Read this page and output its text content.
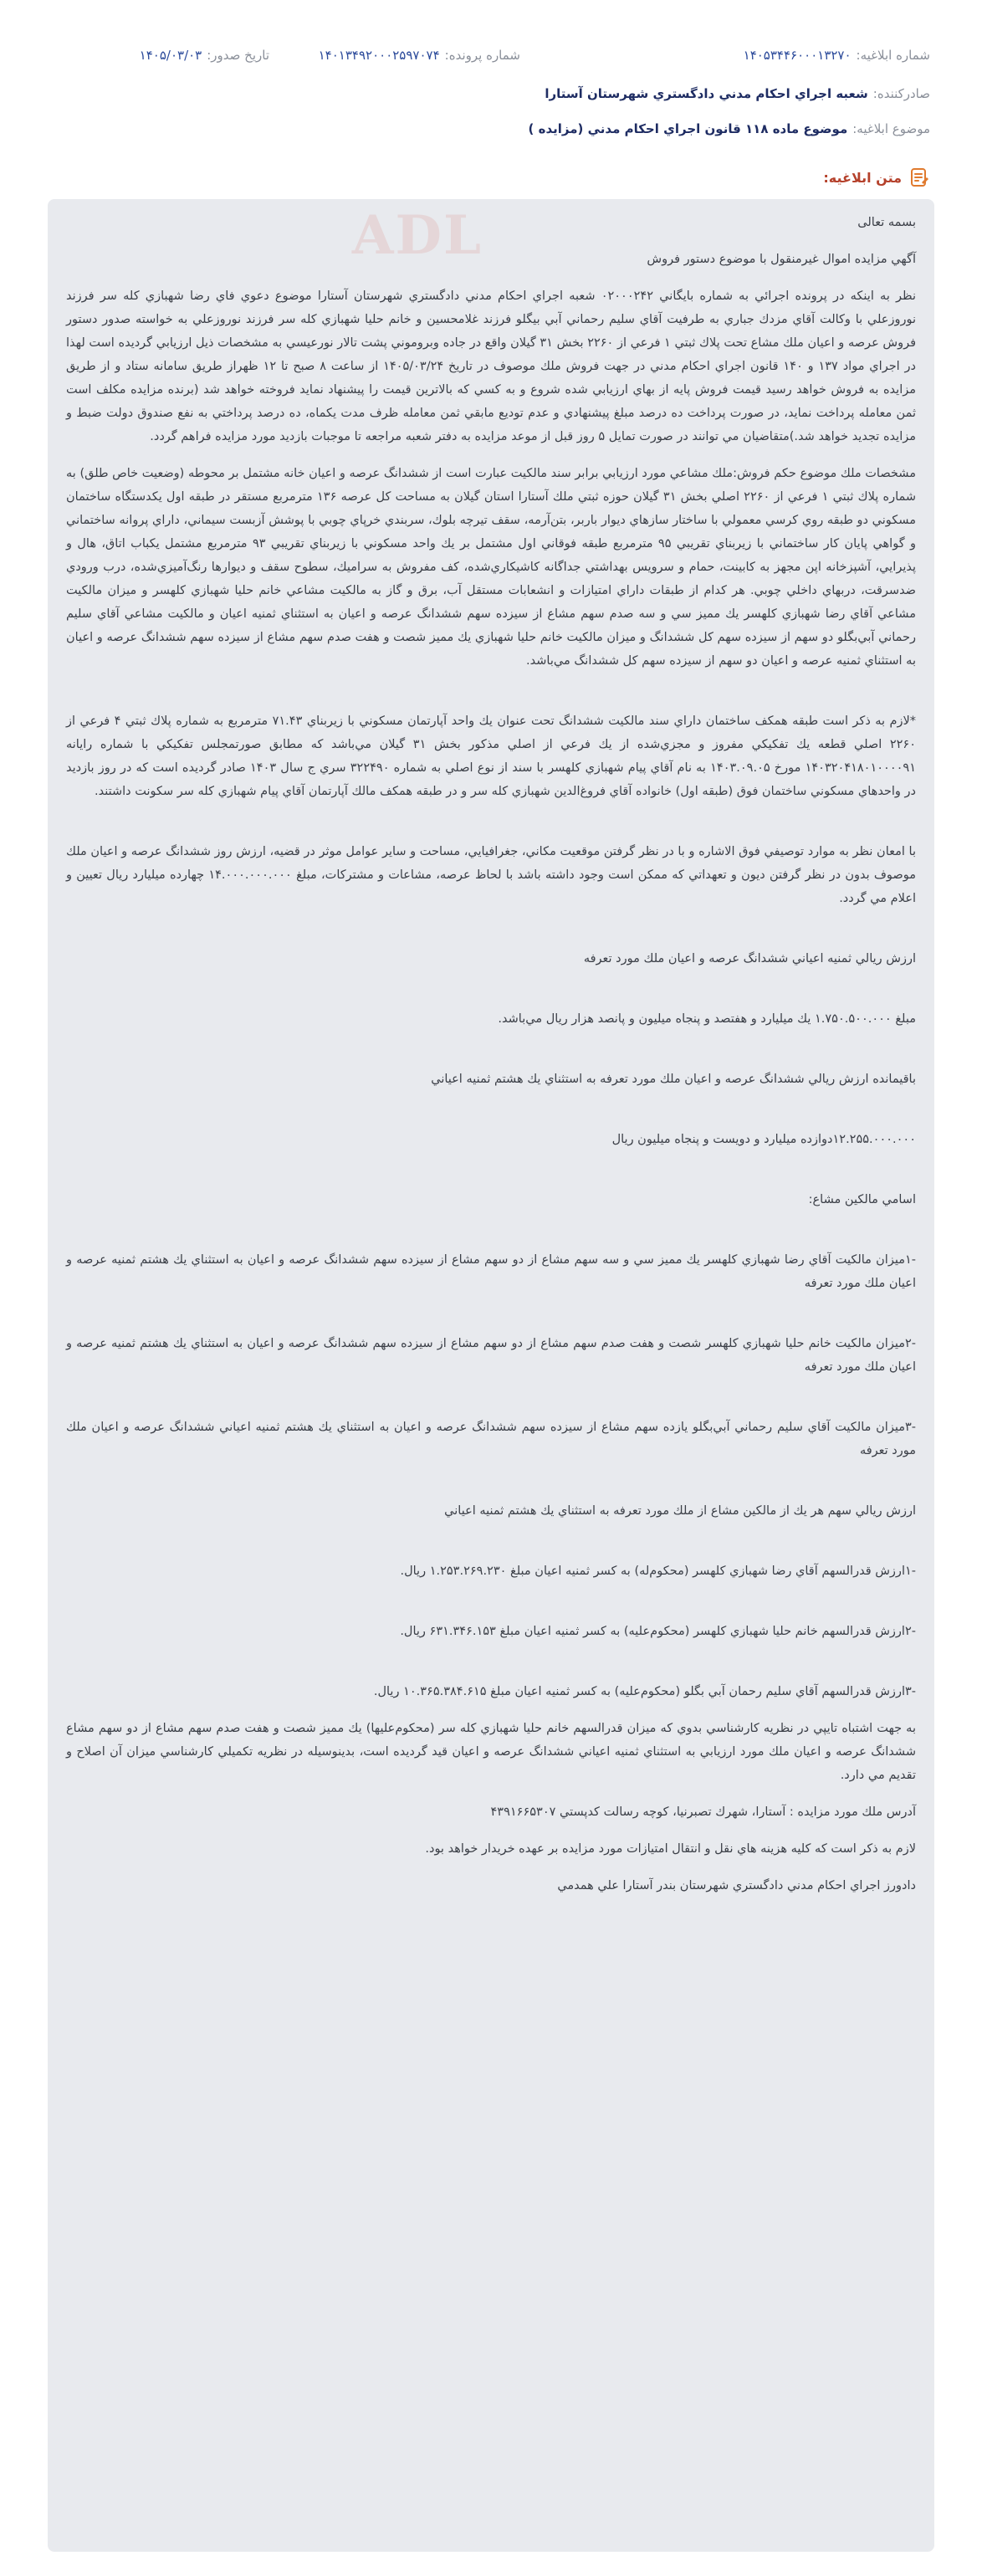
شماره ابلاغیه:
۱۴۰۵۳۴۴۶۰۰۰۱۳۲۷۰
شماره پرونده:
۱۴۰۱۳۴۹۲۰۰۰۲۵۹۷۰۷۴
تاریخ صدور:
۱۴۰۵/۰۳/۰۳
صادرکننده:
شعبه اجراي احكام مدني دادگستري شهرستان آستارا
موضوع ابلاغیه:
موضوع ماده ۱۱۸ قانون اجراي احكام مدني (مزايده )
متن ابلاغیه:
ADL	بسمه تعالی

آگهي مزايده اموال غيرمنقول با موضوع دستور فروش

نظر به اينكه در پرونده اجرائي به شماره بايگاني ۰۲۰۰۰۲۴۲ شعبه اجراي احكام مدني دادگستري شهرستان آستارا موضوع دعوي فاي رضا شهبازي كله سر فرزند نوروزعلي با وكالت آقاي مزدك جباري به طرفيت آقاي سليم رحماني آبي بيگلو فرزند غلامحسين و خانم حليا شهبازي كله سر فرزند نوروزعلي به خواسته صدور دستور فروش عرصه و اعيان ملك مشاع تحت پلاك ثبتي ۱ فرعي از ۲۲۶۰ بخش ۳۱ گيلان واقع در جاده وبروموني پشت تالار نورعيسي به مشخصات ذيل ارزيابي گرديده است لهذا در اجراي مواد ۱۳۷ و ۱۴۰ قانون اجراي احكام مدني در جهت فروش ملك موصوف در تاريخ ۱۴۰۵/۰۳/۲۴ از ساعت ۸ صبح تا ۱۲ ظهراز طريق سامانه ستاد و از طريق مزايده به فروش خواهد رسيد قيمت فروش پايه از بهاي ارزيابي شده شروع و به كسي كه بالاترين قيمت را پيشنهاد نمايد فروخته خواهد شد (برنده مزايده مكلف است ثمن معامله پرداخت نمايد، در صورت پرداخت ده درصد مبلغ پيشنهادي و عدم توديع مابقي ثمن معامله ظرف مدت يكماه، ده درصد پرداختي به نفع صندوق دولت ضبط و مزايده تجديد خواهد شد.)متقاضيان مي توانند در صورت تمايل ۵ روز قبل از موعد مزايده به دفتر شعبه مراجعه تا موجبات بازديد مورد مزايده فراهم گردد.

مشخصات ملك موضوع حكم فروش:ملك مشاعي مورد ارزيابي برابر سند مالكيت عبارت است از ششدانگ عرصه و اعيان خانه مشتمل بر محوطه (وضعيت خاص طلق) به شماره پلاك ثبتي ۱ فرعي از ۲۲۶۰ اصلي بخش ۳۱ گيلان حوزه ثبتي ملك آستارا استان گيلان به مساحت كل عرصه ۱۳۶ مترمربع مستقر در طبقه اول يكدستگاه ساختمان مسكوني دو طبقه روي كرسي معمولي با ساختار سازهاي ديوار باربر، بتن‌آرمه، سقف تيرچه بلوك، سربندي خرپاي چوبي با پوشش آزبست سيماني، داراي پروانه ساختماني و گواهي پايان كار ساختماني با زيربناي تقريبي ۹۵ مترمربع طبقه فوقاني اول مشتمل بر يك واحد مسكوني با زيربناي تقريبي ۹۳ مترمربع مشتمل يكباب اتاق، هال و پذيرايي، آشپزخانه اپن مجهز به كابينت، حمام و سرويس بهداشتي جداگانه كاشيكاري‌شده، كف مفروش به سراميك، سطوح سقف و ديوارها رنگ‌آميزي‌شده، درب ورودي ضدسرقت، دربهاي داخلي چوبي. هر كدام از طبقات داراي امتيازات و انشعابات مستقل آب، برق و گاز به مالكيت مشاعي خانم حليا شهبازي كلهسر و ميزان مالكيت مشاعي آقاي رضا شهبازي كلهسر يك مميز سي و سه صدم سهم مشاع از سيزده سهم ششدانگ عرصه و اعيان به استثناي ثمنيه اعيان و مالكيت مشاعي آقاي سليم رحماني آبي‌بگلو دو سهم از سيزده سهم كل ششدانگ و ميزان مالكيت خانم حليا شهبازي يك مميز شصت و هفت صدم سهم مشاع از سيزده سهم ششدانگ عرصه و اعيان به استثناي ثمنيه عرصه و اعيان دو سهم از سيزده سهم كل ششدانگ مي‌باشد.

*لازم به ذكر است طبقه همكف ساختمان داراي سند مالكيت ششدانگ تحت عنوان يك واحد آپارتمان مسكوني با زيربناي ۷۱.۴۳ مترمربع به شماره پلاك ثبتي ۴ فرعي از ۲۲۶۰ اصلي قطعه يك تفكيكي مفروز و مجزي‌شده از يك فرعي از اصلي مذكور بخش ۳۱ گيلان مي‌باشد كه مطابق صورتمجلس تفكيكي با شماره رايانه ۱۴۰۳۲۰۴۱۸۰۱۰۰۰۰۹۱ مورخ ۱۴۰۳.۰۹.۰۵ به نام آقاي پيام شهبازي كلهسر با سند از نوع اصلي به شماره ۳۲۲۴۹۰ سري ج سال ۱۴۰۳ صادر گرديده است كه در روز بازديد در واحدهاي مسكوني ساختمان فوق (طبقه اول) خانواده آقاي فروغ‌الدين شهبازي كله سر و در طبقه همكف مالك آپارتمان آقاي پيام شهبازي كله سر سكونت داشتند.

با امعان نظر به موارد توصيفي فوق الاشاره و با در نظر گرفتن موقعيت مكاني، جغرافيايي، مساحت و ساير عوامل موثر در قضيه، ارزش روز ششدانگ عرصه و اعيان ملك موصوف بدون در نظر گرفتن ديون و تعهداتي كه ممكن است وجود داشته باشد با لحاظ عرصه، مشاعات و مشتركات، مبلغ ۱۴.۰۰۰.۰۰۰.۰۰۰ چهارده ميليارد ريال تعيين و اعلام مي گردد.

ارزش ريالي ثمنيه اعياني ششدانگ عرصه و اعيان ملك مورد تعرفه

مبلغ ۱.۷۵۰.۵۰۰.۰۰۰ يك ميليارد و هفتصد و پنجاه ميليون و پانصد هزار ريال مي‌باشد.

باقيمانده ارزش ريالي ششدانگ عرصه و اعيان ملك مورد تعرفه به استثناي يك هشتم ثمنيه اعياني

۱۲.۲۵۵.۰۰۰.۰۰۰دوازده ميليارد و دويست و پنجاه ميليون ريال

اسامي مالكين مشاع:

-۱ميزان مالكيت آقاي رضا شهبازي كلهسر يك مميز سي و سه سهم مشاع از دو سهم مشاع از سيزده سهم ششدانگ عرصه و اعيان به استثناي يك هشتم ثمنيه عرصه و اعيان ملك مورد تعرفه

-۲ميزان مالكيت خانم حليا شهبازي كلهسر شصت و هفت صدم سهم مشاع از دو سهم مشاع از سيزده سهم ششدانگ عرصه و اعيان به استثناي يك هشتم ثمنيه عرصه و اعيان ملك مورد تعرفه

-۳ميزان مالكيت آقاي سليم رحماني آبي‌بگلو يازده سهم مشاع از سيزده سهم ششدانگ عرصه و اعيان به استثناي يك هشتم ثمنيه اعياني ششدانگ عرصه و اعيان ملك مورد تعرفه

ارزش ريالي سهم هر يك از مالكين مشاع از ملك مورد تعرفه به استثناي يك هشتم ثمنيه اعياني

-۱ارزش قدرالسهم آقاي رضا شهبازي كلهسر (محكوم‌له) به كسر ثمنيه اعيان مبلغ ۱.۲۵۳.۲۶۹.۲۳۰ ريال.

-۲ارزش قدرالسهم خانم حليا شهبازي كلهسر (محكوم‌عليه) به كسر ثمنيه اعيان مبلغ ۶۳۱.۳۴۶.۱۵۳ ريال.

-۳ارزش قدرالسهم آقاي سليم رحمان آبي بگلو (محكوم‌عليه) به كسر ثمنيه اعيان مبلغ ۱۰.۳۶۵.۳۸۴.۶۱۵ ريال.

به جهت اشتباه تايپي در نظريه كارشناسي بدوي كه ميزان قدرالسهم خانم حليا شهبازي كله سر (محكوم‌عليها) يك مميز شصت و هفت صدم سهم مشاع از دو سهم مشاع ششدانگ عرصه و اعيان ملك مورد ارزيابي به استثناي ثمنيه اعياني ششدانگ عرصه و اعيان قيد گرديده است، بدينوسيله در نظريه تكميلي كارشناسي ميزان آن اصلاح و تقديم مي دارد.

آدرس ملك مورد مزايده : آستارا، شهرك تصبرنيا، كوچه رسالت كدپستي ۴۳۹۱۶۶۵۳۰۷

لازم به ذكر است كه كليه هزينه هاي نقل و انتقال امتيازات مورد مزايده بر عهده خريدار خواهد بود.

دادورز اجراي احكام مدني دادگستري شهرستان بندر آستارا علي همدمي
